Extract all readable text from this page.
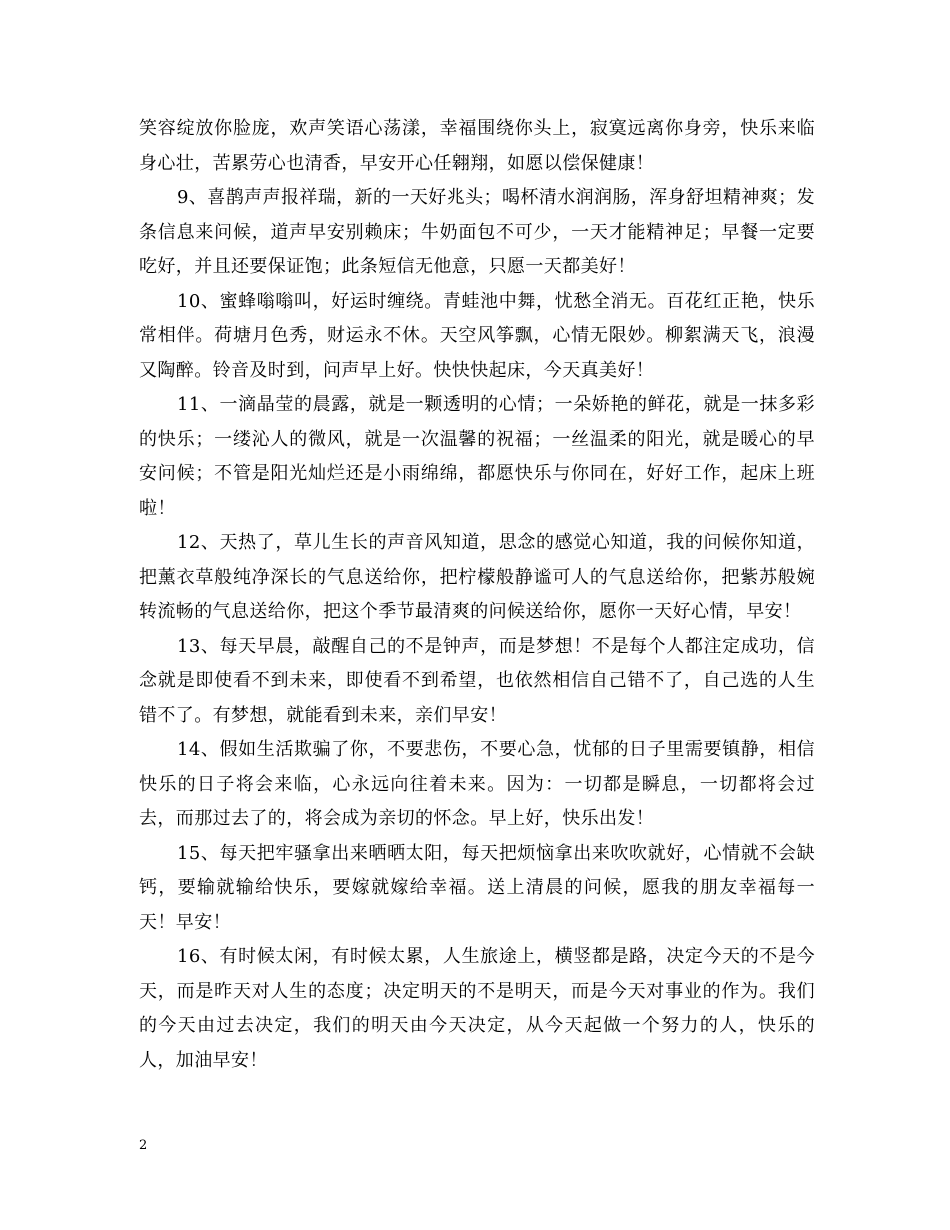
笑容绽放你脸庞，欢声笑语心荡漾，幸福围绕你头上，寂寞远离你身旁，快乐来临身心壮，苦累劳心也清香，早安开心任翱翔，如愿以偿保健康！

9、喜鹊声声报祥瑞，新的一天好兆头；喝杯清水润润肠，浑身舒坦精神爽；发条信息来问候，道声早安别赖床；牛奶面包不可少，一天才能精神足；早餐一定要吃好，并且还要保证饱；此条短信无他意，只愿一天都美好！

10、蜜蜂嗡嗡叫，好运时缠绕。青蛙池中舞，忧愁全消无。百花红正艳，快乐常相伴。荷塘月色秀，财运永不休。天空风筝飘，心情无限妙。柳絮满天飞，浪漫又陶醉。铃音及时到，问声早上好。快快快起床，今天真美好！

11、一滴晶莹的晨露，就是一颗透明的心情；一朵娇艳的鲜花，就是一抹多彩的快乐；一缕沁人的微风，就是一次温馨的祝福；一丝温柔的阳光，就是暖心的早安问候；不管是阳光灿烂还是小雨绵绵，都愿快乐与你同在，好好工作，起床上班啦！

12、天热了，草儿生长的声音风知道，思念的感觉心知道，我的问候你知道，把薰衣草般纯净深长的气息送给你，把柠檬般静谧可人的气息送给你，把紫苏般婉转流畅的气息送给你，把这个季节最清爽的问候送给你，愿你一天好心情，早安！

13、每天早晨，敲醒自己的不是钟声，而是梦想！不是每个人都注定成功，信念就是即使看不到未来，即使看不到希望，也依然相信自己错不了，自己选的人生错不了。有梦想，就能看到未来，亲们早安！

14、假如生活欺骗了你，不要悲伤，不要心急，忧郁的日子里需要镇静，相信快乐的日子将会来临，心永远向往着未来。因为：一切都是瞬息，一切都将会过去，而那过去了的，将会成为亲切的怀念。早上好，快乐出发！

15、每天把牢骚拿出来晒晒太阳，每天把烦恼拿出来吹吹就好，心情就不会缺钙，要输就输给快乐，要嫁就嫁给幸福。送上清晨的问候，愿我的朋友幸福每一天！早安！

16、有时候太闲，有时候太累，人生旅途上，横竖都是路，决定今天的不是今天，而是昨天对人生的态度；决定明天的不是明天，而是今天对事业的作为。我们的今天由过去决定，我们的明天由今天决定，从今天起做一个努力的人，快乐的人，加油早安！

2
